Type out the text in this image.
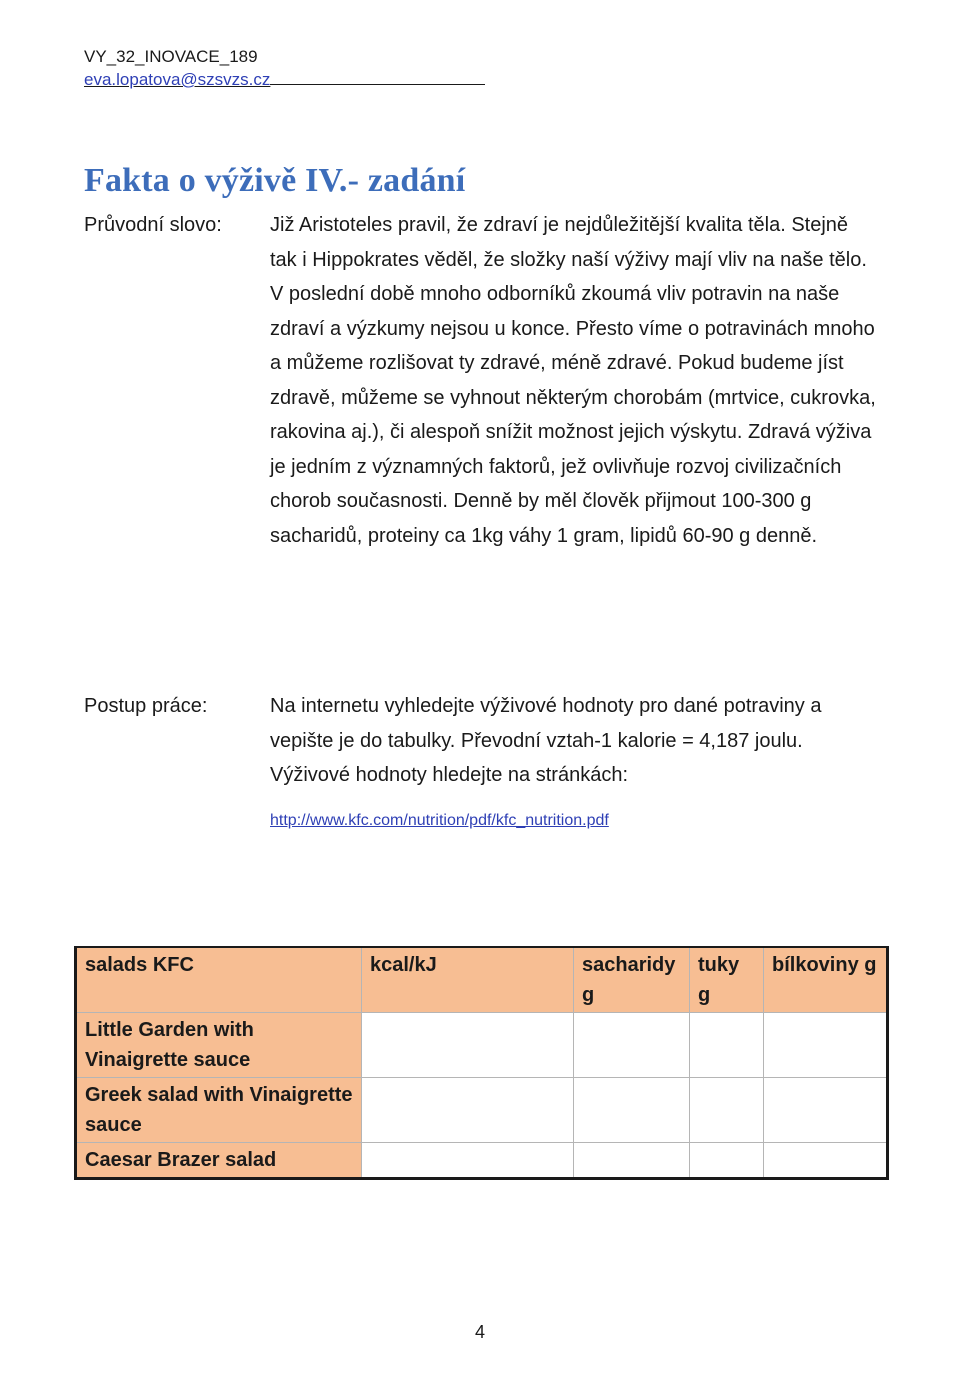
VY_32_INOVACE_189
eva.lopatova@szsvzs.cz
Fakta o výživě IV.- zadání
Průvodní slovo: Již Aristoteles pravil, že zdraví je nejdůležitější kvalita těla. Stejně tak i Hippokrates věděl, že složky naší výživy mají vliv na naše tělo. V poslední době mnoho odborníků zkoumá vliv potravin na naše zdraví a výzkumy nejsou u konce. Přesto víme o potravinách mnoho a můžeme rozlišovat ty zdravé, méně zdravé. Pokud budeme jíst zdravě, můžeme se vyhnout některým chorobám (mrtvice, cukrovka, rakovina aj.), či alespoň snížit možnost jejich výskytu. Zdravá výživa je jedním z významných faktorů, jež ovlivňuje rozvoj civilizačních chorob současnosti. Denně by měl člověk přijmout 100-300 g sacharidů, proteiny ca 1kg váhy 1 gram, lipidů 60-90 g denně.
Postup práce:	Na internetu vyhledejte výživové hodnoty pro dané potraviny a vepište je do tabulky. Převodní vztah-1 kalorie = 4,187 joulu. Výživové hodnoty hledejte na stránkách:
http://www.kfc.com/nutrition/pdf/kfc_nutrition.pdf
salads KFC	kcal/kJ	sacharidy g	tuky g	bílkoviny g
Little Garden with Vinaigrette sauce				
Greek salad with Vinaigrette sauce				
Caesar Brazer salad				
4
